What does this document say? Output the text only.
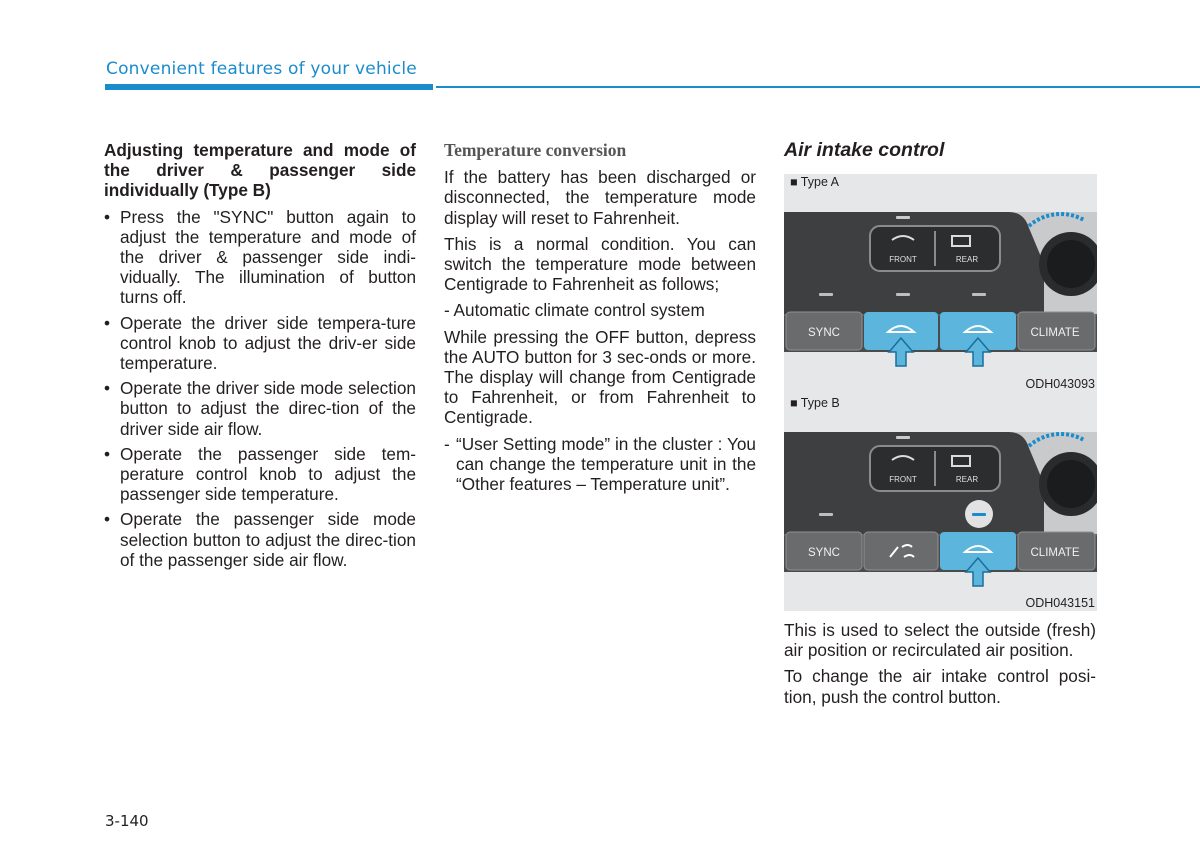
Convenient features of your vehicle
Adjusting temperature and mode of the driver & passenger side individually (Type B)
• Press the "SYNC" button again to adjust the temperature and mode of the driver & passenger side indi-vidually. The illumination of button turns off.
• Operate the driver side tempera-ture control knob to adjust the driv-er side temperature.
• Operate the driver side mode selection button to adjust the direc-tion of the driver side air flow.
• Operate the passenger side tem-perature control knob to adjust the passenger side temperature.
• Operate the passenger side mode selection button to adjust the direc-tion of the passenger side air flow.
Temperature conversion

If the battery has been discharged or disconnected, the temperature mode display will reset to Fahrenheit.

This is a normal condition. You can switch the temperature mode between Centigrade to Fahrenheit as follows;

- Automatic climate control system

While pressing the OFF button, depress the AUTO button for 3 sec-onds or more. The display will change from Centigrade to Fahrenheit, or from Fahrenheit to Centigrade.

- “User Setting mode” in the cluster : You can change the temperature unit in the “Other features – Temperature unit”.
Air intake control
■ Type A
FRONT	REAR
SYNC	CLIMATE
ODH043093
■ Type B
FRONT	REAR
SYNC	CLIMATE
ODH043151

This is used to select the outside (fresh) air position or recirculated air position.

To change the air intake control posi-tion, push the control button.

3-140
